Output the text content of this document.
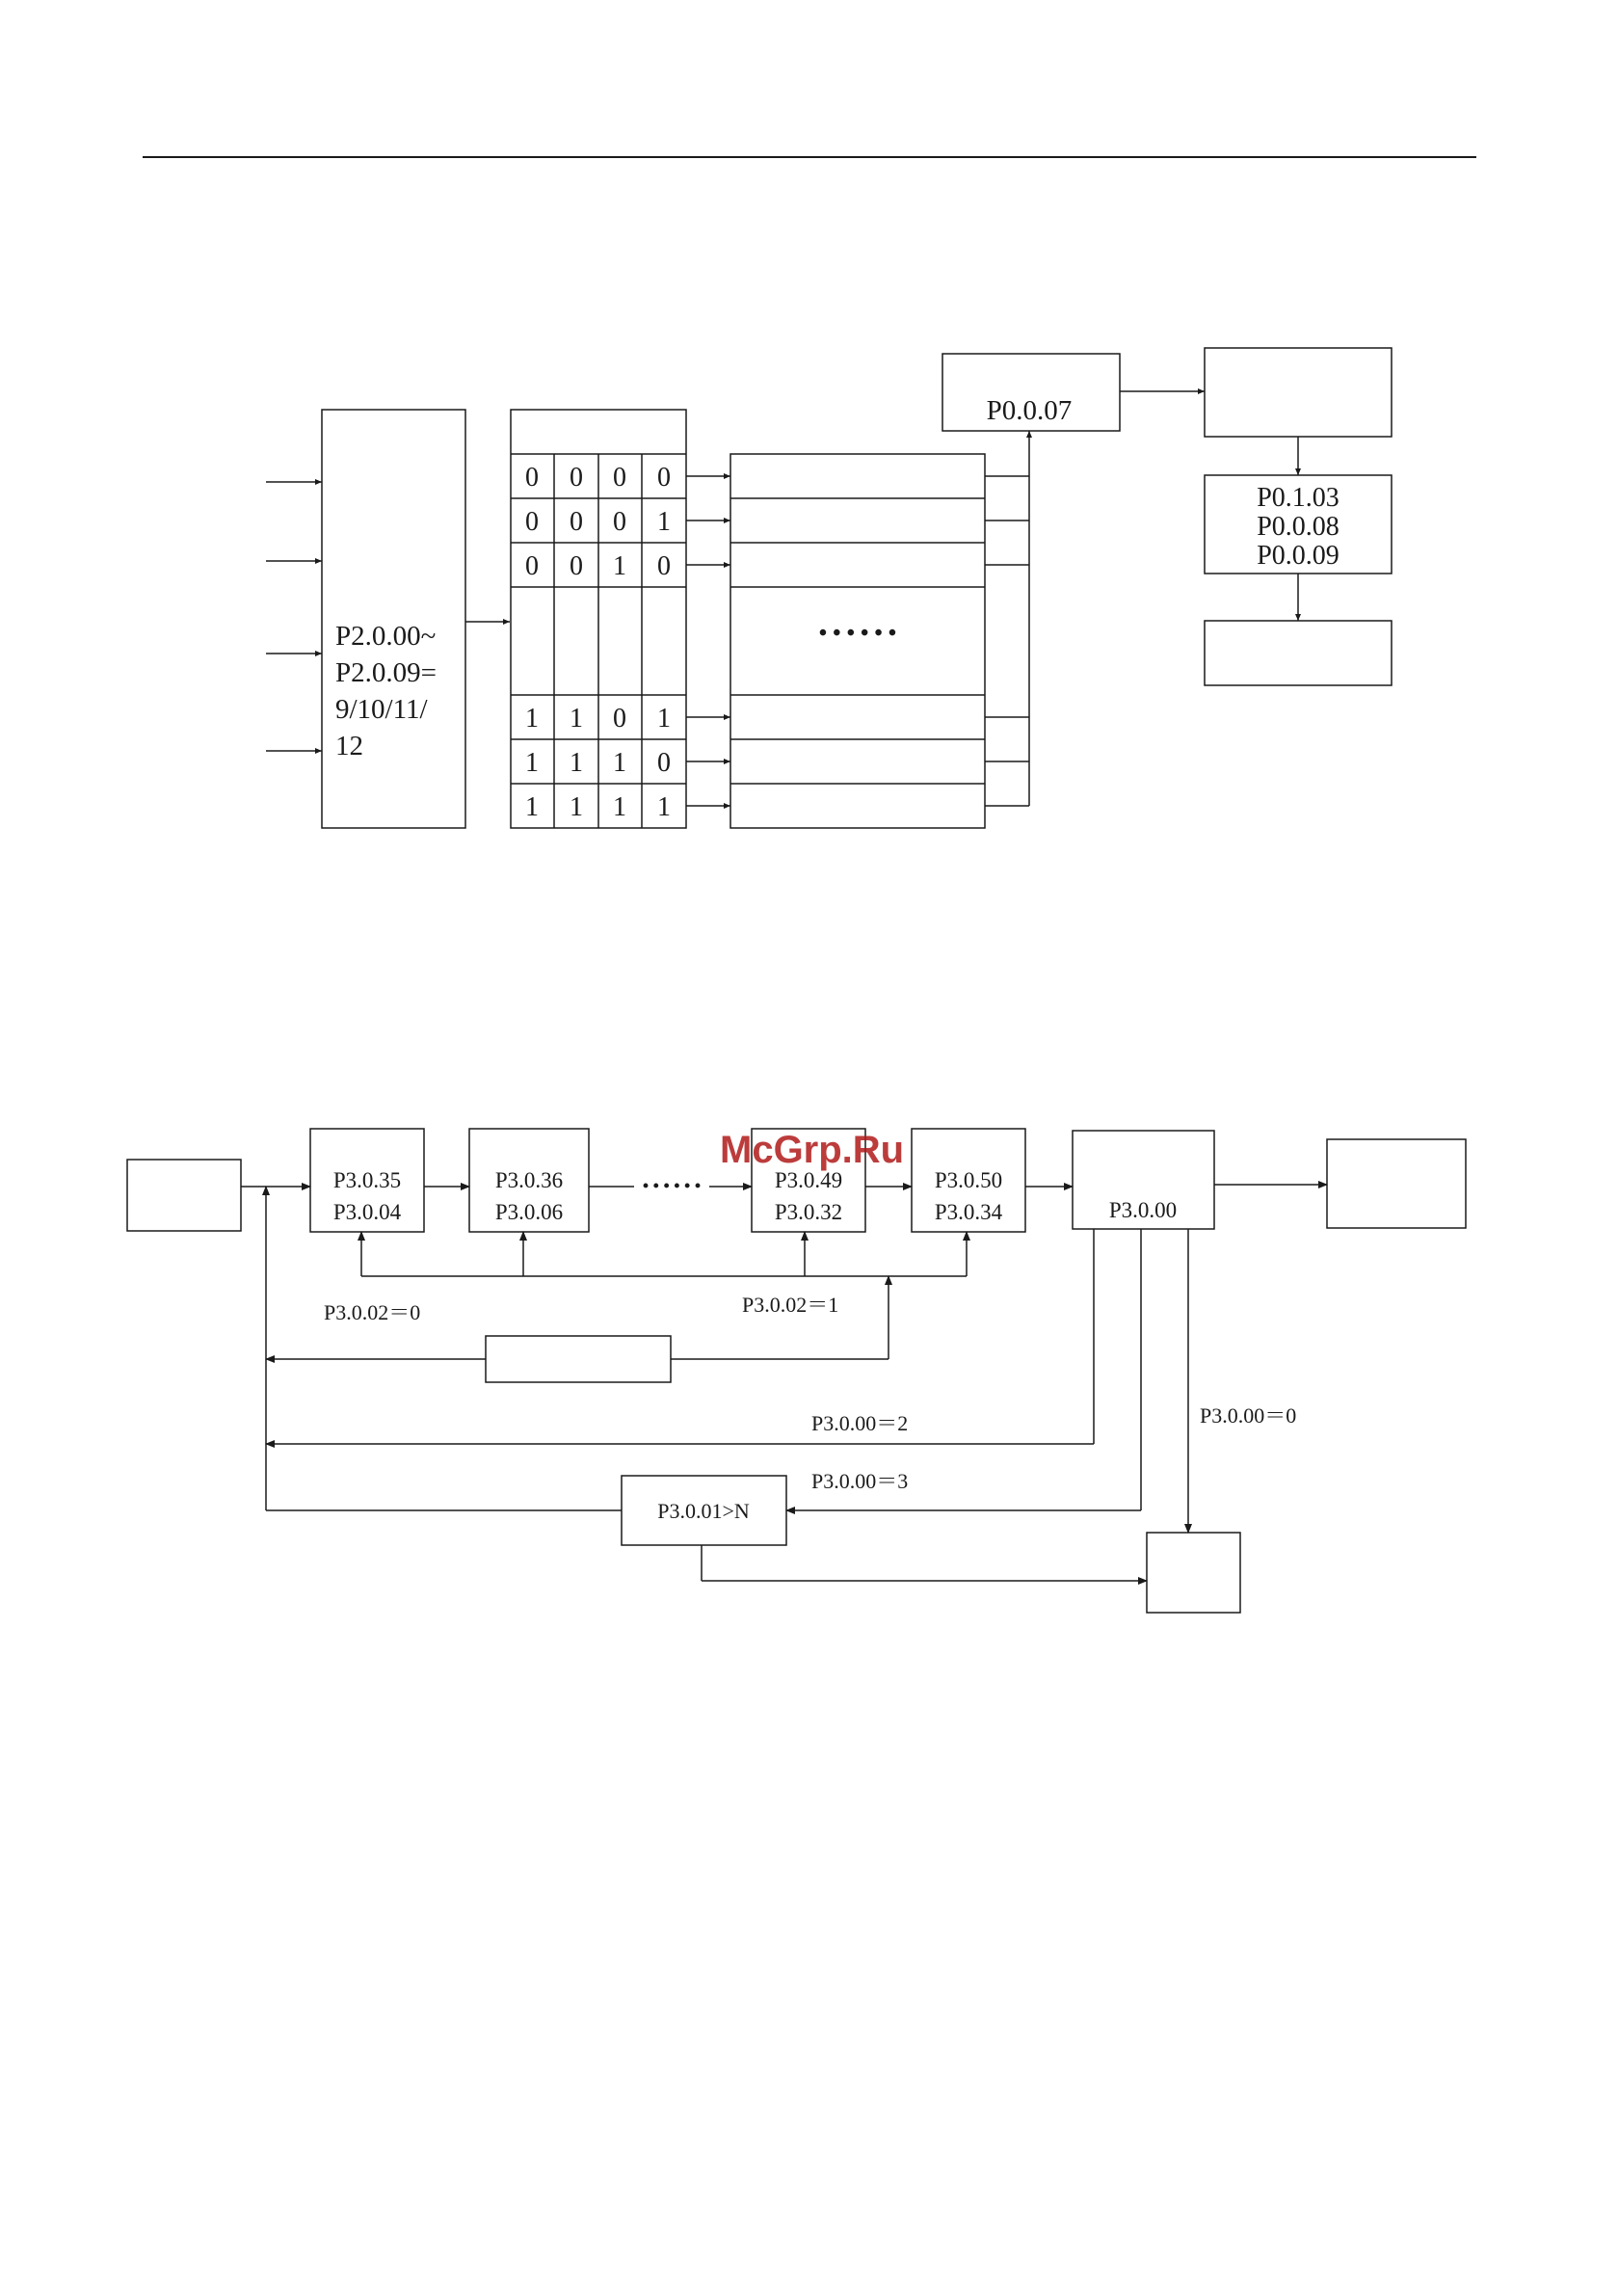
P2.0.00~
P2.0.09=
9/10/11/
12
0 0 0 0
0 0 0 1
0 0 1 0
1 1 0 1
1 1 1 0
1 1 1 1
• • • • • •
P0.0.07
P0.1.03
P0.0.08
P0.0.09
P3.0.35
P3.0.04
P3.0.36
P3.0.06
P3.0.49
P3.0.32
P3.0.50
P3.0.34
• • • • • •
P3.0.00
P3.0.02＝0	P3.0.02＝1
P3.0.00＝2
P3.0.00＝3
P3.0.00＝0
P3.0.01>N
McGrp.Ru
